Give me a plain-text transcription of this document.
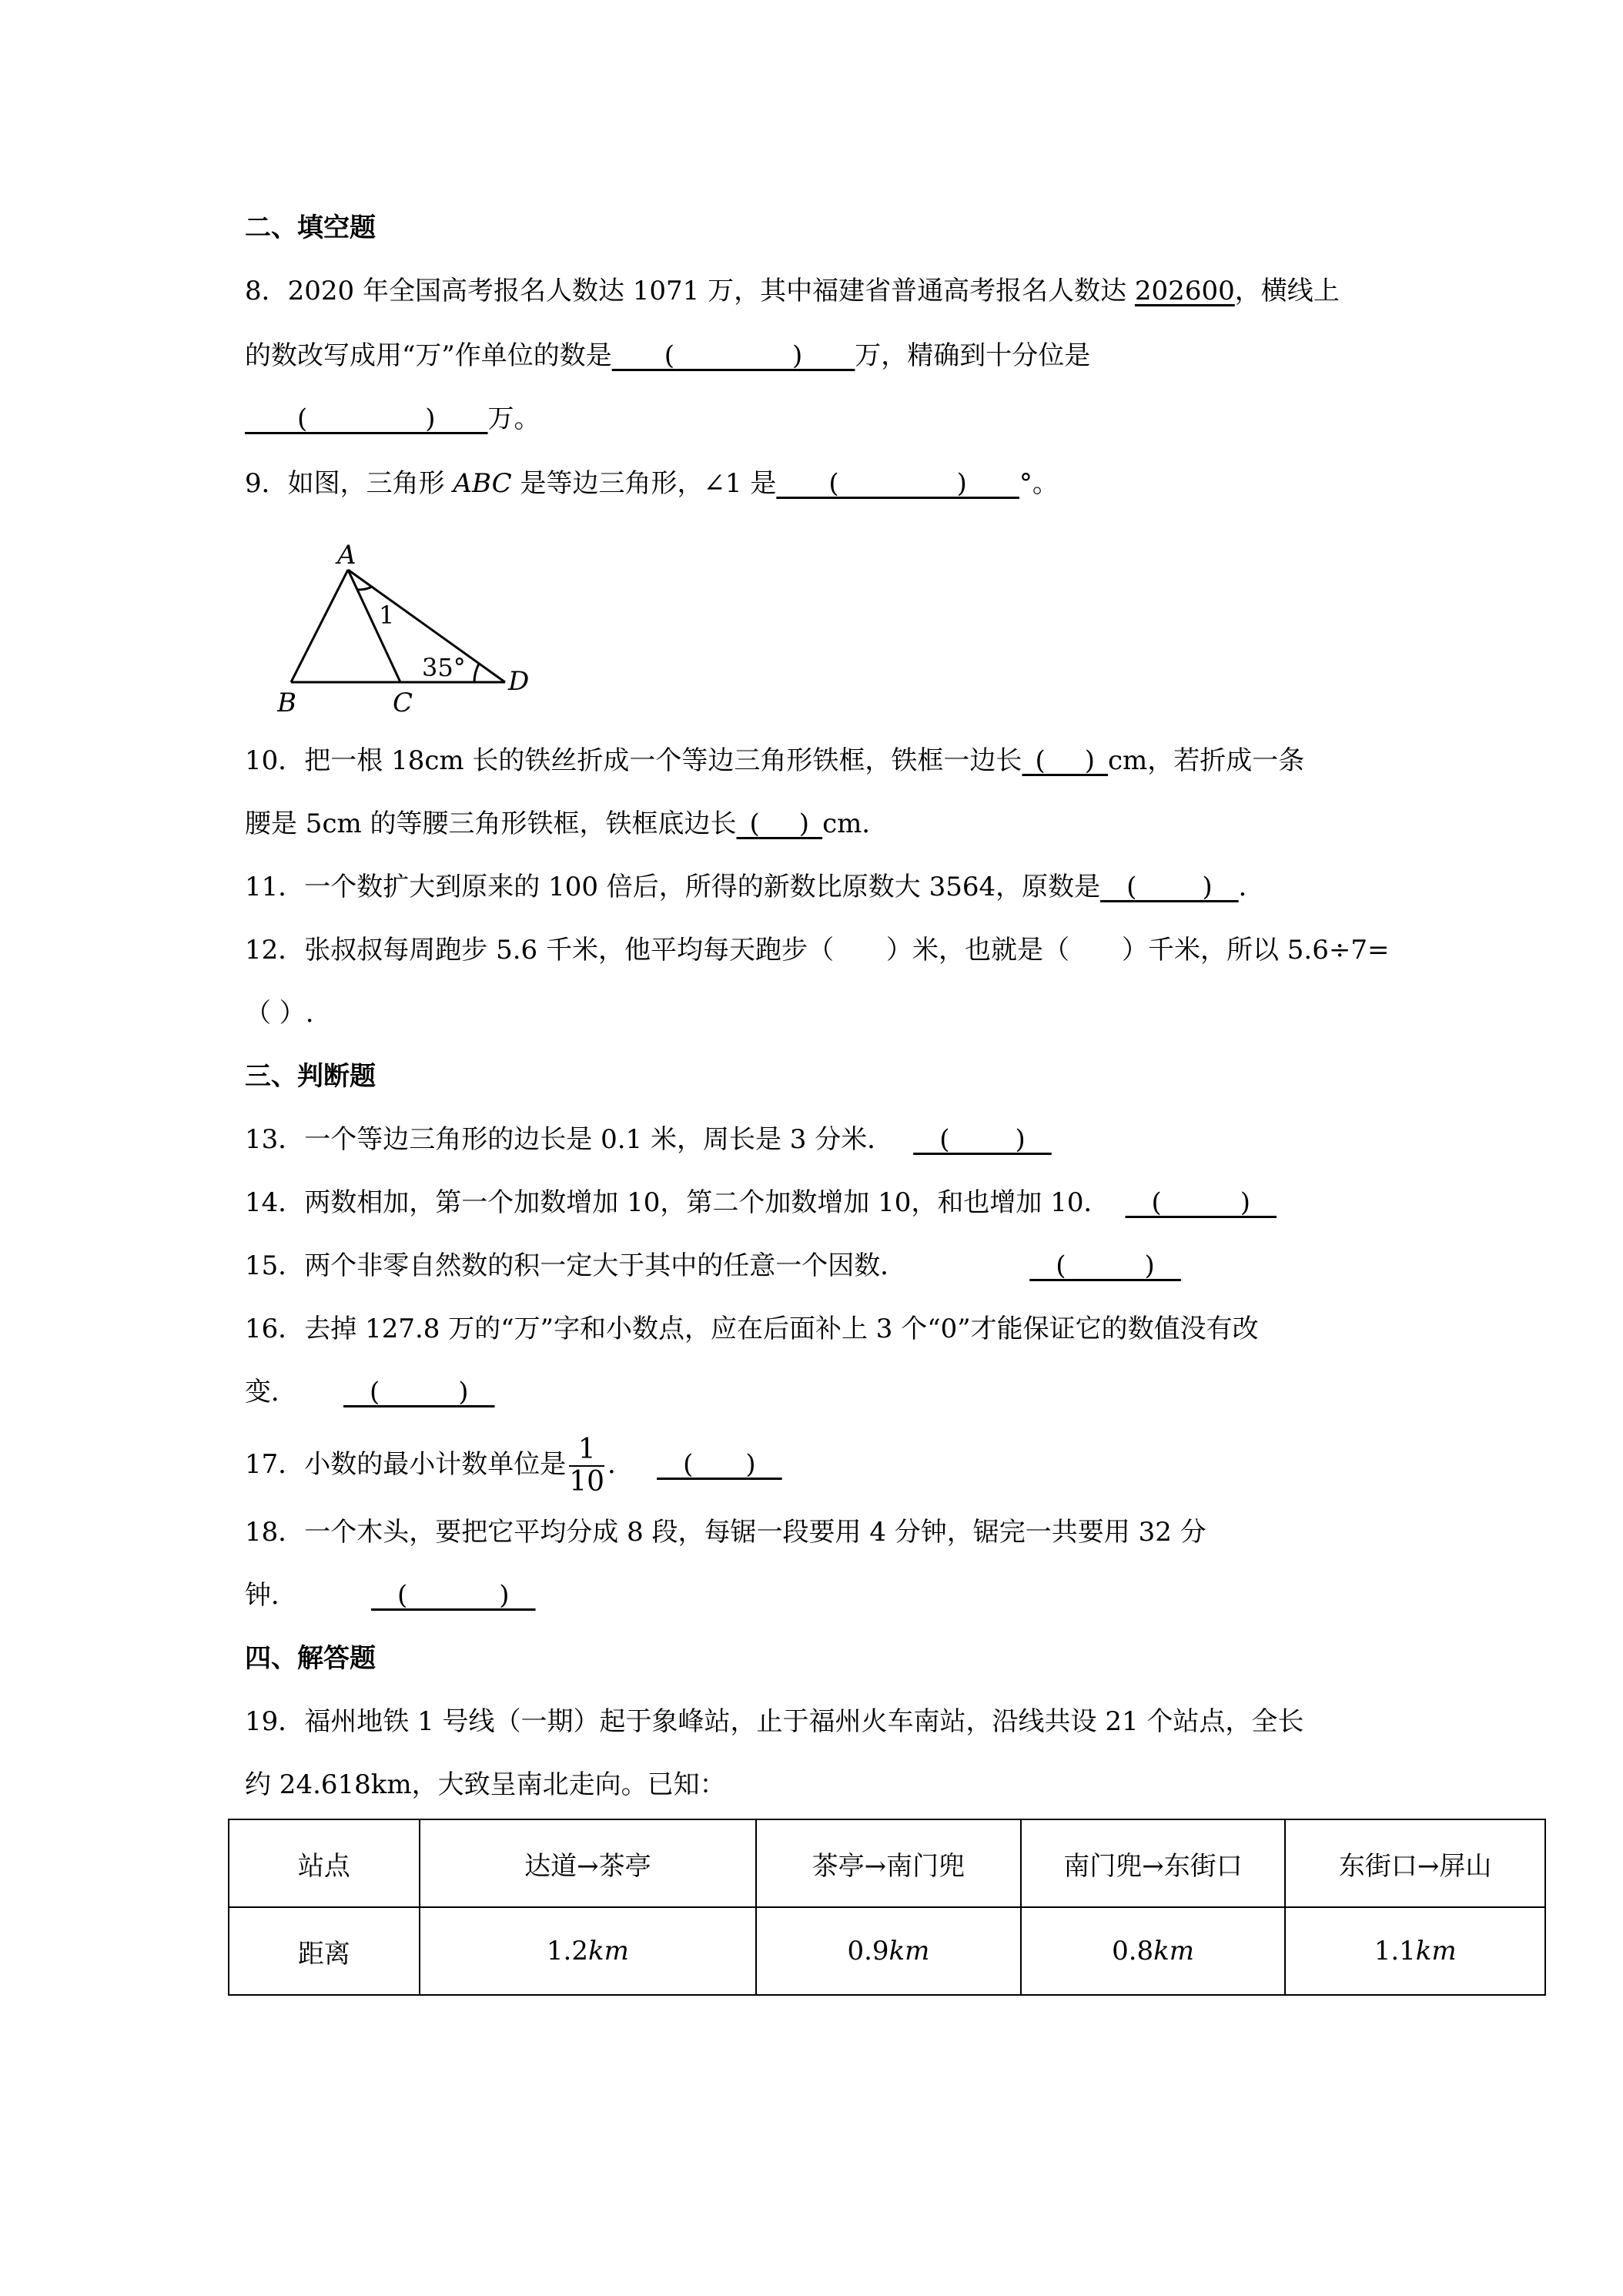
二、填空题
8．2020 年全国高考报名人数达 1071 万，其中福建省普通高考报名人数达 202600，横线上
的数改写成用“万”作单位的数是____(_________)____万，精确到十分位是
____(_________)____万。
9．如图，三角形 ABC 是等边三角形，∠1 是____(_________)____°。
A
B	C
D
1
35°
10．把一根 18cm 长的铁丝折成一个等边三角形铁框，铁框一边长_(___)_cm，若折成一条
腰是 5cm 的等腰三角形铁框，铁框底边长_(___)_cm．
11．一个数扩大到原来的 100 倍后，所得的新数比原数大 3564，原数是__(_____)__．
12．张叔叔每周跑步 5.6 千米，他平均每天跑步（　　）米，也就是（　　）千米，所以 5.6÷7=
（ ）.
三、判断题
13．一个等边三角形的边长是 0.1 米，周长是 3 分米． __(_____)__
14．两数相加，第一个加数增加 10，第二个加数增加 10，和也增加 10． __(______)__
15．两个非零自然数的积一定大于其中的任意一个因数．	__(______)__
16．去掉 127.8 万的“万”字和小数点，应在后面补上 3 个“0”才能保证它的数值没有改
变． __(______)__
17．小数的最小计数单位是 $\frac{1}{10}$ ． __(____)__
18．一个木头，要把它平均分成 8 段，每锯一段要用 4 分钟，锯完一共要用 32 分
钟．	__(_______)__
四、解答题
19．福州地铁 1 号线（一期）起于象峰站，止于福州火车南站，沿线共设 21 个站点，全长
约 24.618km，大致呈南北走向。已知：
站点	达道→茶亭	茶亭→南门兜	南门兜→东街口	东街口→屏山
距离	1.2km	0.9km	0.8km	1.1km
